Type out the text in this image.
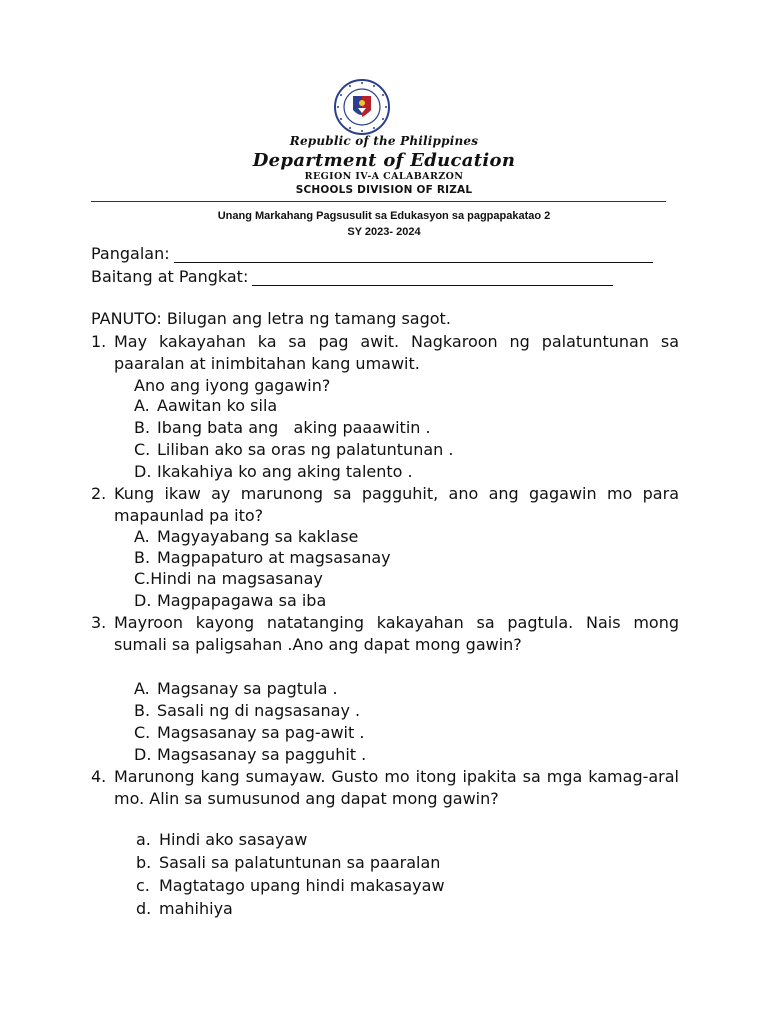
Republic of the Philippines
Department of Education
REGION IV-A CALABARZON
SCHOOLS DIVISION OF RIZAL
Unang Markahang Pagsusulit sa Edukasyon sa pagpapakatao 2
SY 2023- 2024
Pangalan:
Baitang at Pangkat:
PANUTO: Bilugan ang letra ng tamang sagot.
1. May kakayahan ka sa pag awit. Nagkaroon ng palatuntunan sa paaralan at inimbitahan kang umawit.
Ano ang iyong gagawin?
A. Aawitan ko sila
B. Ibang bata ang   aking paaawitin .
C. Liliban ako sa oras ng palatuntunan .
D. Ikakahiya ko ang aking talento .
2. Kung ikaw ay marunong sa pagguhit, ano ang gagawin mo para mapaunlad pa ito?
A. Magyayabang sa kaklase
B. Magpapaturo at magsasanay
C.Hindi na magsasanay
D. Magpapagawa sa iba
3. Mayroon kayong natatanging kakayahan sa pagtula. Nais mong sumali sa paligsahan .Ano ang dapat mong gawin?
A. Magsanay sa pagtula .
B. Sasali ng di nagsasanay .
C. Magsasanay sa pag-awit .
D. Magsasanay sa pagguhit .
4. Marunong kang sumayaw. Gusto mo itong ipakita sa mga kamag-aral mo. Alin sa sumusunod ang dapat mong gawin?
a. Hindi ako sasayaw
b. Sasali sa palatuntunan sa paaralan
c. Magtatago upang hindi makasayaw
d. mahihiya
